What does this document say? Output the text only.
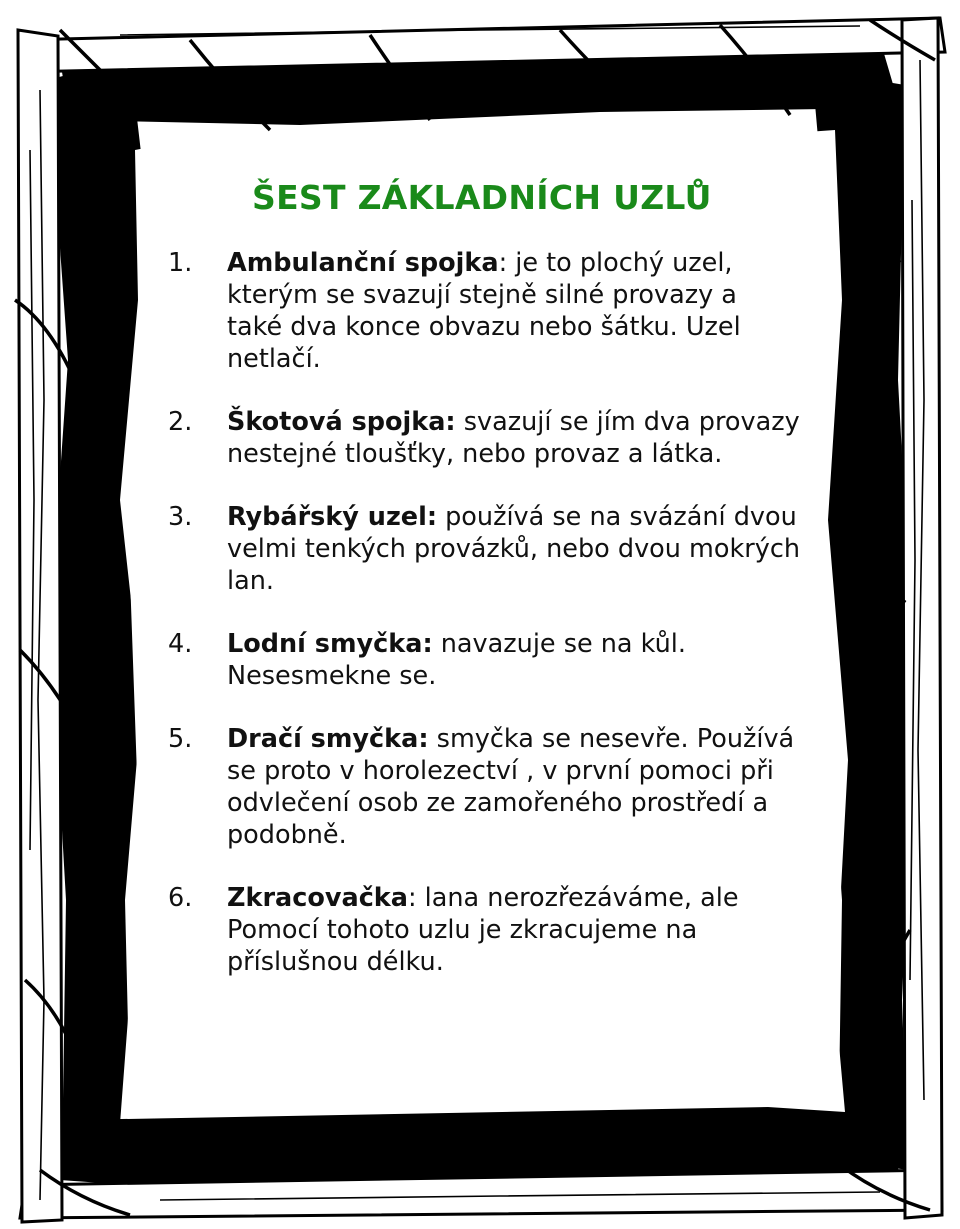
ŠEST ZÁKLADNÍCH UZLŮ
1. Ambulanční spojka: je to plochý uzel, kterým se svazují stejně silné provazy a také dva konce obvazu nebo šátku. Uzel netlačí.
2. Škotová spojka: svazují se jím dva provazy nestejné tloušťky, nebo provaz a látka.
3. Rybářský uzel: používá se na svázání dvou velmi tenkých provázků, nebo dvou mokrých lan.
4. Lodní smyčka: navazuje se na kůl. Nesesmekne se.
5. Dračí smyčka: smyčka se nesevře. Používá se proto v horolezectví , v první pomoci při odvlečení osob ze zamořeného prostředí a podobně.
6. Zkracovačka: lana nerozřezáváme, ale Pomocí tohoto uzlu je zkracujeme na příslušnou délku.
